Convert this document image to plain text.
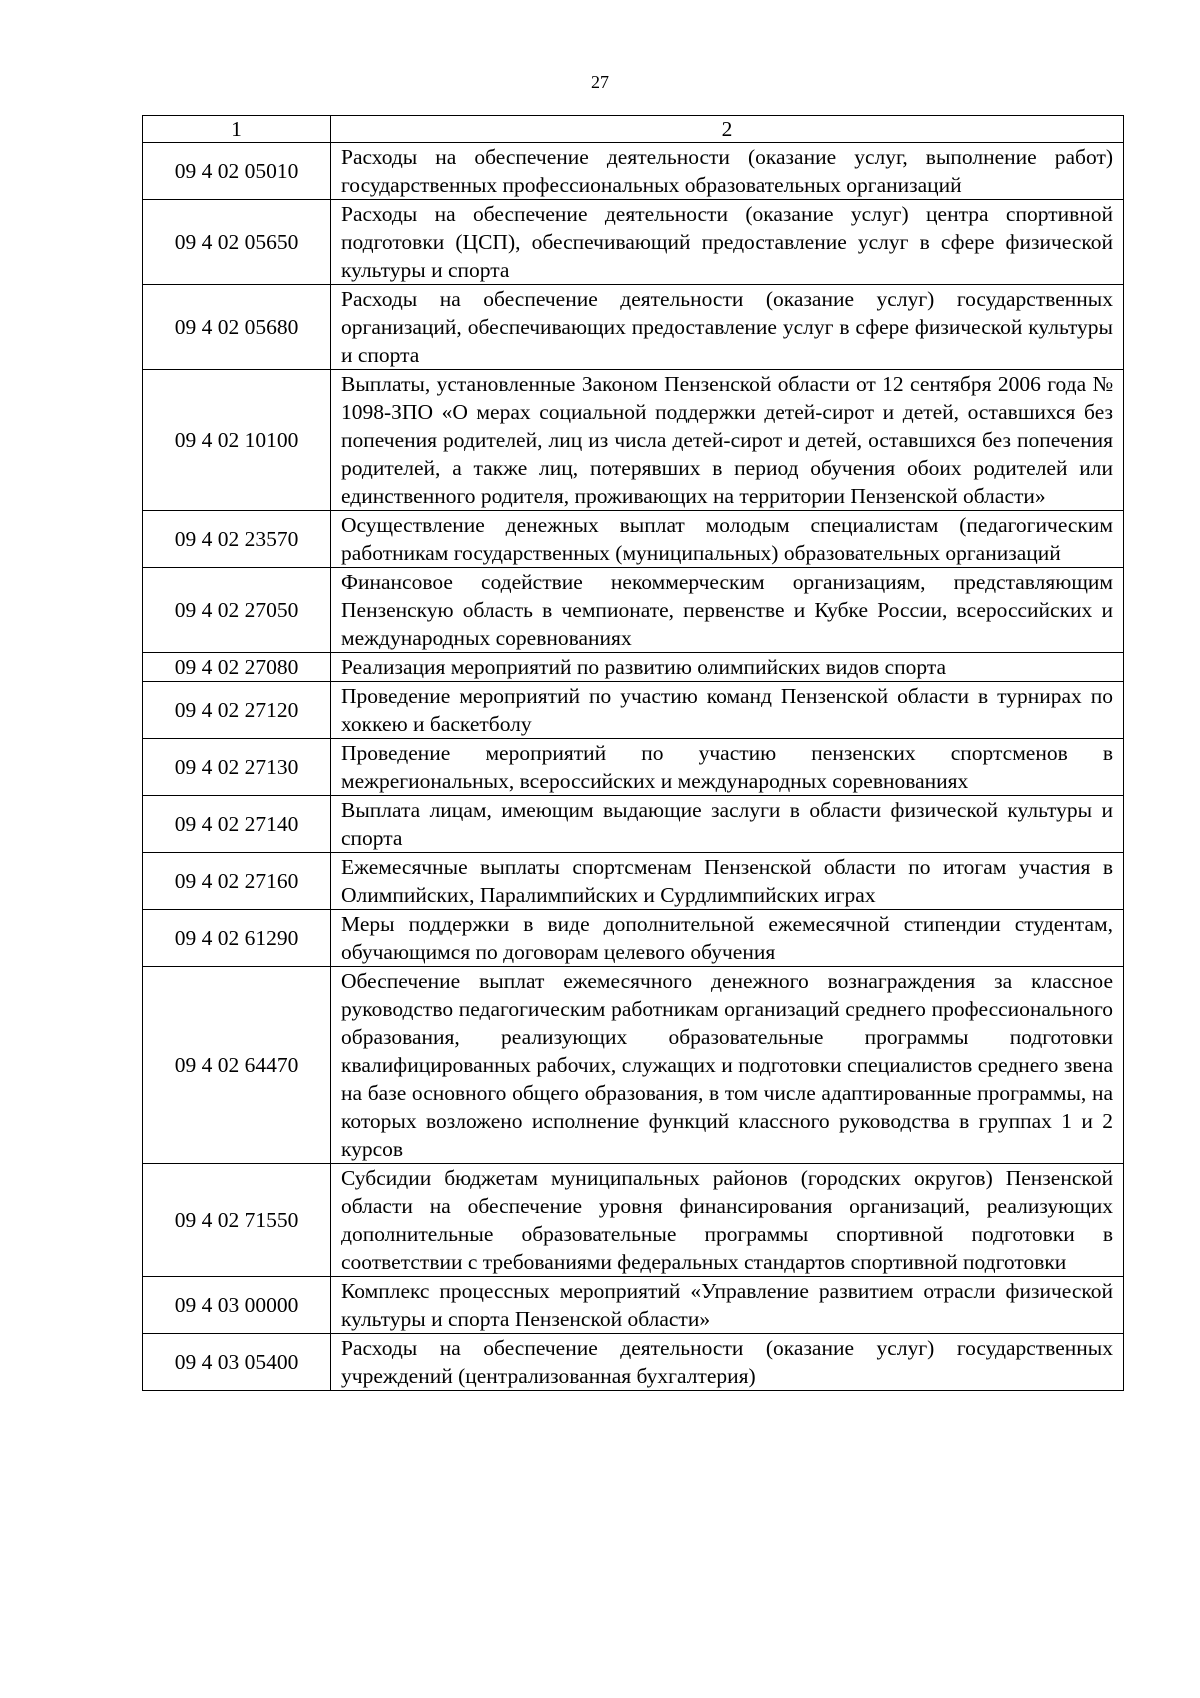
27
1	2
09 4 02 05010	Расходы на обеспечение деятельности (оказание услуг, выполнение работ) государственных профессиональных образовательных организаций
09 4 02 05650	Расходы на обеспечение деятельности (оказание услуг) центра спортивной подготовки (ЦСП), обеспечивающий предоставление услуг в сфере физической культуры и спорта
09 4 02 05680	Расходы на обеспечение деятельности (оказание услуг) государственных организаций, обеспечивающих предоставление услуг в сфере физической культуры и спорта
09 4 02 10100	Выплаты, установленные Законом Пензенской области от 12 сентября 2006 года № 1098-ЗПО «О мерах социальной поддержки детей-сирот и детей, оставшихся без попечения родителей, лиц из числа детей-сирот и детей, оставшихся без попечения родителей, а также лиц, потерявших в период обучения обоих родителей или единственного родителя, проживающих на территории Пензенской области»
09 4 02 23570	Осуществление денежных выплат молодым специалистам (педагогическим работникам государственных (муниципальных) образовательных организаций
09 4 02 27050	Финансовое содействие некоммерческим организациям, представляющим Пензенскую область в чемпионате, первенстве и Кубке России, всероссийских и международных соревнованиях
09 4 02 27080	Реализация мероприятий по развитию олимпийских видов спорта
09 4 02 27120	Проведение мероприятий по участию команд Пензенской области в турнирах по хоккею и баскетболу
09 4 02 27130	Проведение мероприятий по участию пензенских спортсменов в межрегиональных, всероссийских и международных соревнованиях
09 4 02 27140	Выплата лицам, имеющим выдающие заслуги в области физической культуры и спорта
09 4 02 27160	Ежемесячные выплаты спортсменам Пензенской области по итогам участия в Олимпийских, Паралимпийских и Сурдлимпийских играх
09 4 02 61290	Меры поддержки в виде дополнительной ежемесячной стипендии студентам, обучающимся по договорам целевого обучения
09 4 02 64470	Обеспечение выплат ежемесячного денежного вознаграждения за классное руководство педагогическим работникам организаций среднего профессионального образования, реализующих образовательные программы подготовки квалифицированных рабочих, служащих и подготовки специалистов среднего звена на базе основного общего образования, в том числе адаптированные программы, на которых возложено исполнение функций классного руководства в группах 1 и 2 курсов
09 4 02 71550	Субсидии бюджетам муниципальных районов (городских округов) Пензенской области на обеспечение уровня финансирования организаций, реализующих дополнительные образовательные программы спортивной подготовки в соответствии с требованиями федеральных стандартов спортивной подготовки
09 4 03 00000	Комплекс процессных мероприятий «Управление развитием отрасли физической культуры и спорта Пензенской области»
09 4 03 05400	Расходы на обеспечение деятельности (оказание услуг) государственных учреждений (централизованная бухгалтерия)
